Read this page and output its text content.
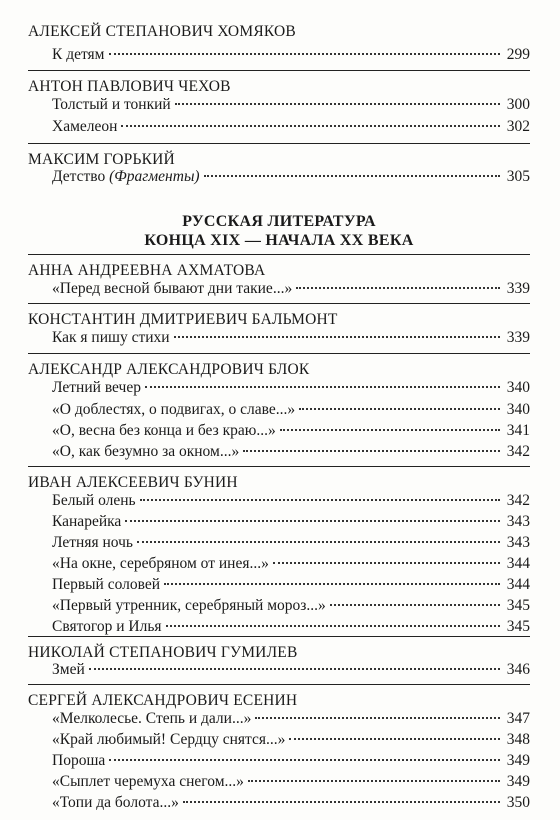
АЛЕКСЕЙ СТЕПАНОВИЧ ХОМЯКОВ
К детям	299
АНТОН ПАВЛОВИЧ ЧЕХОВ
Толстый и тонкий	300
Хамелеон	302
МАКСИМ ГОРЬКИЙ
Детство (Фрагменты)	305
РУССКАЯ ЛИТЕРАТУРА
КОНЦА XIX — НАЧАЛА XX ВЕКА
АННА АНДРЕЕВНА АХМАТОВА
«Перед весной бывают дни такие...»	339
КОНСТАНТИН ДМИТРИЕВИЧ БАЛЬМОНТ
Как я пишу стихи	339
АЛЕКСАНДР АЛЕКСАНДРОВИЧ БЛОК
Летний вечер	340
«О доблестях, о подвигах, о славе...»	340
«О, весна без конца и без краю...»	341
«О, как безумно за окном...»	342
ИВАН АЛЕКСЕЕВИЧ БУНИН
Белый олень	342
Канарейка	343
Летняя ночь	343
«На окне, серебряном от инея...»	344
Первый соловей	344
«Первый утренник, серебряный мороз...»	345
Святогор и Илья	345
НИКОЛАЙ СТЕПАНОВИЧ ГУМИЛЕВ
Змей	346
СЕРГЕЙ АЛЕКСАНДРОВИЧ ЕСЕНИН
«Мелколесье. Степь и дали...»	347
«Край любимый! Сердцу снятся...»	348
Пороша	349
«Сыплет черемуха снегом...»	349
«Топи да болота...»	350
